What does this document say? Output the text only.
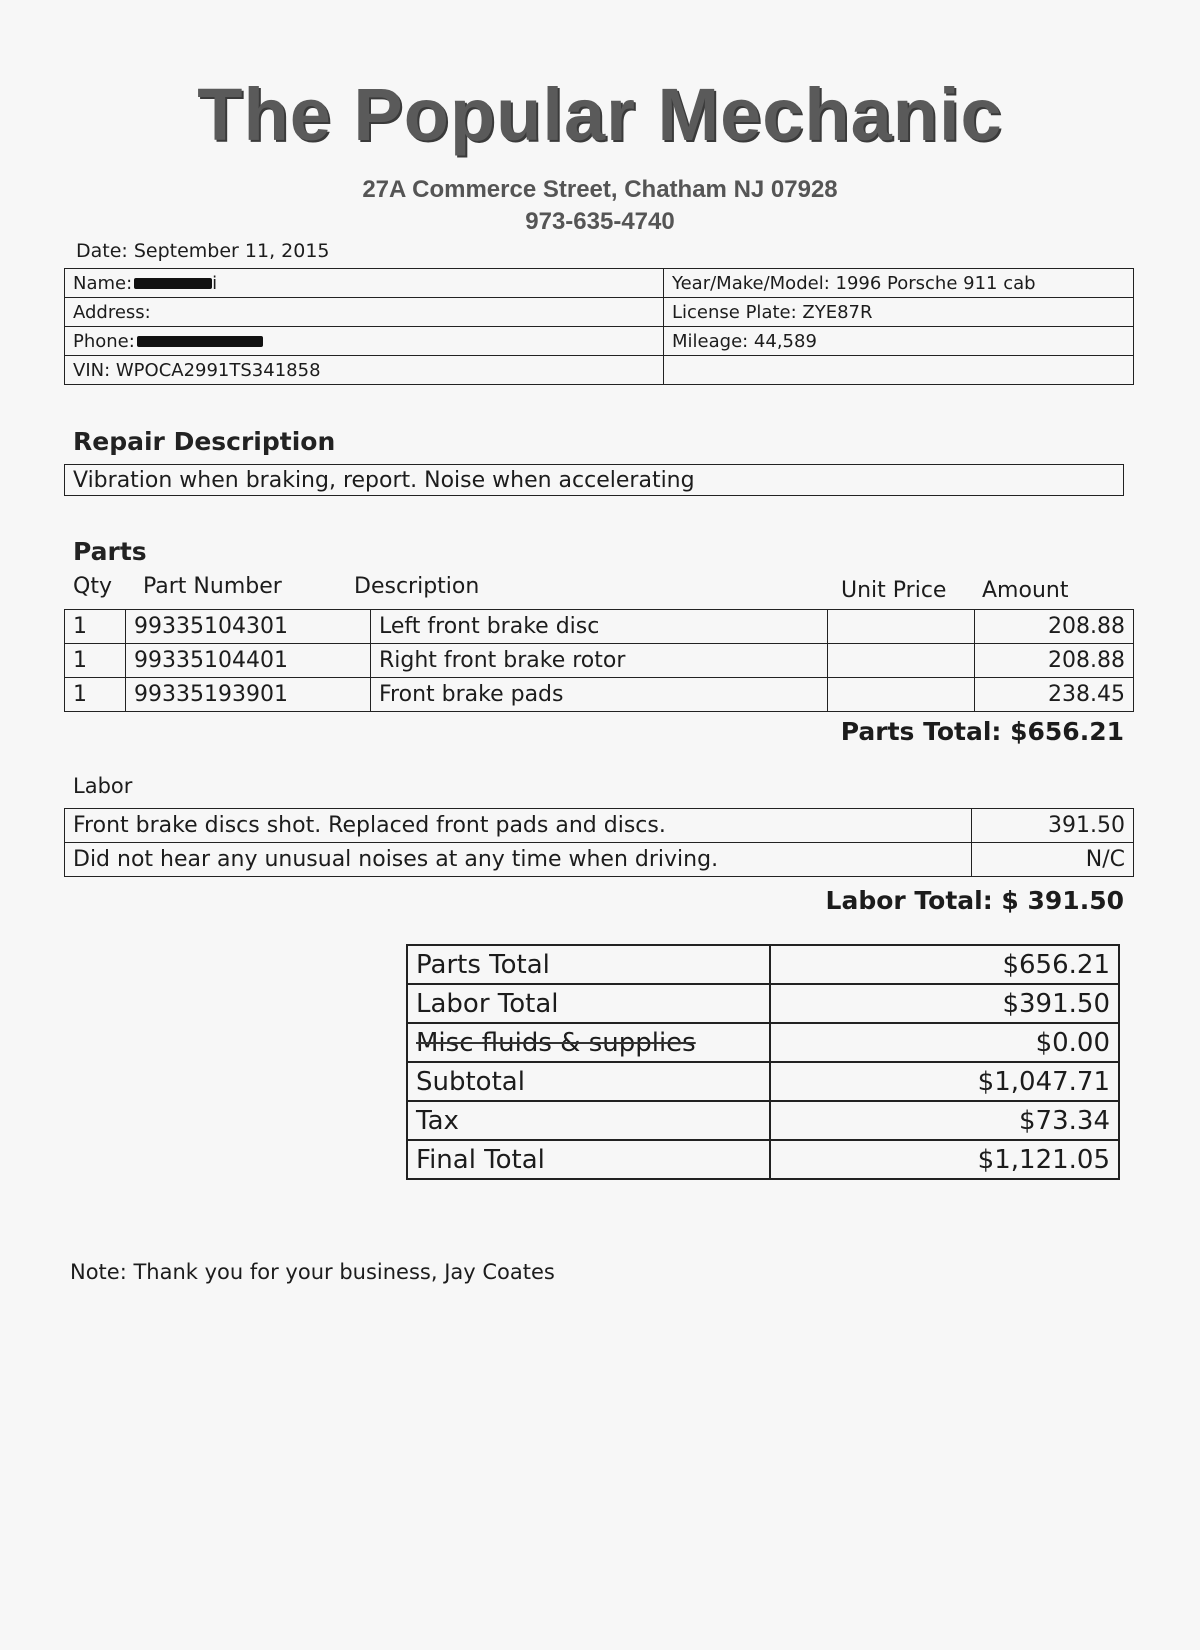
The Popular Mechanic
27A Commerce Street, Chatham NJ 07928
973-635-4740
Date: September 11, 2015
Name: i	Year/Make/Model: 1996 Porsche 911 cab
Address:	License Plate: ZYE87R
Phone:	Mileage: 44,589
VIN: WPOCA2991TS341858	
Repair Description
Vibration when braking, report. Noise when accelerating
Parts
Qty Part Number	Description	Unit Price Amount
1	99335104301	Left front brake disc		208.88
1	99335104401	Right front brake rotor		208.88
1	99335193901	Front brake pads		238.45
Parts Total: $656.21
Labor
Front brake discs shot. Replaced front pads and discs.	391.50
Did not hear any unusual noises at any time when driving.	N/C
Labor Total: $ 391.50
Parts Total	$656.21
Labor Total	$391.50
Misc fluids & supplies	$0.00
Subtotal	$1,047.71
Tax	$73.34
Final Total	$1,121.05
Note: Thank you for your business, Jay Coates
